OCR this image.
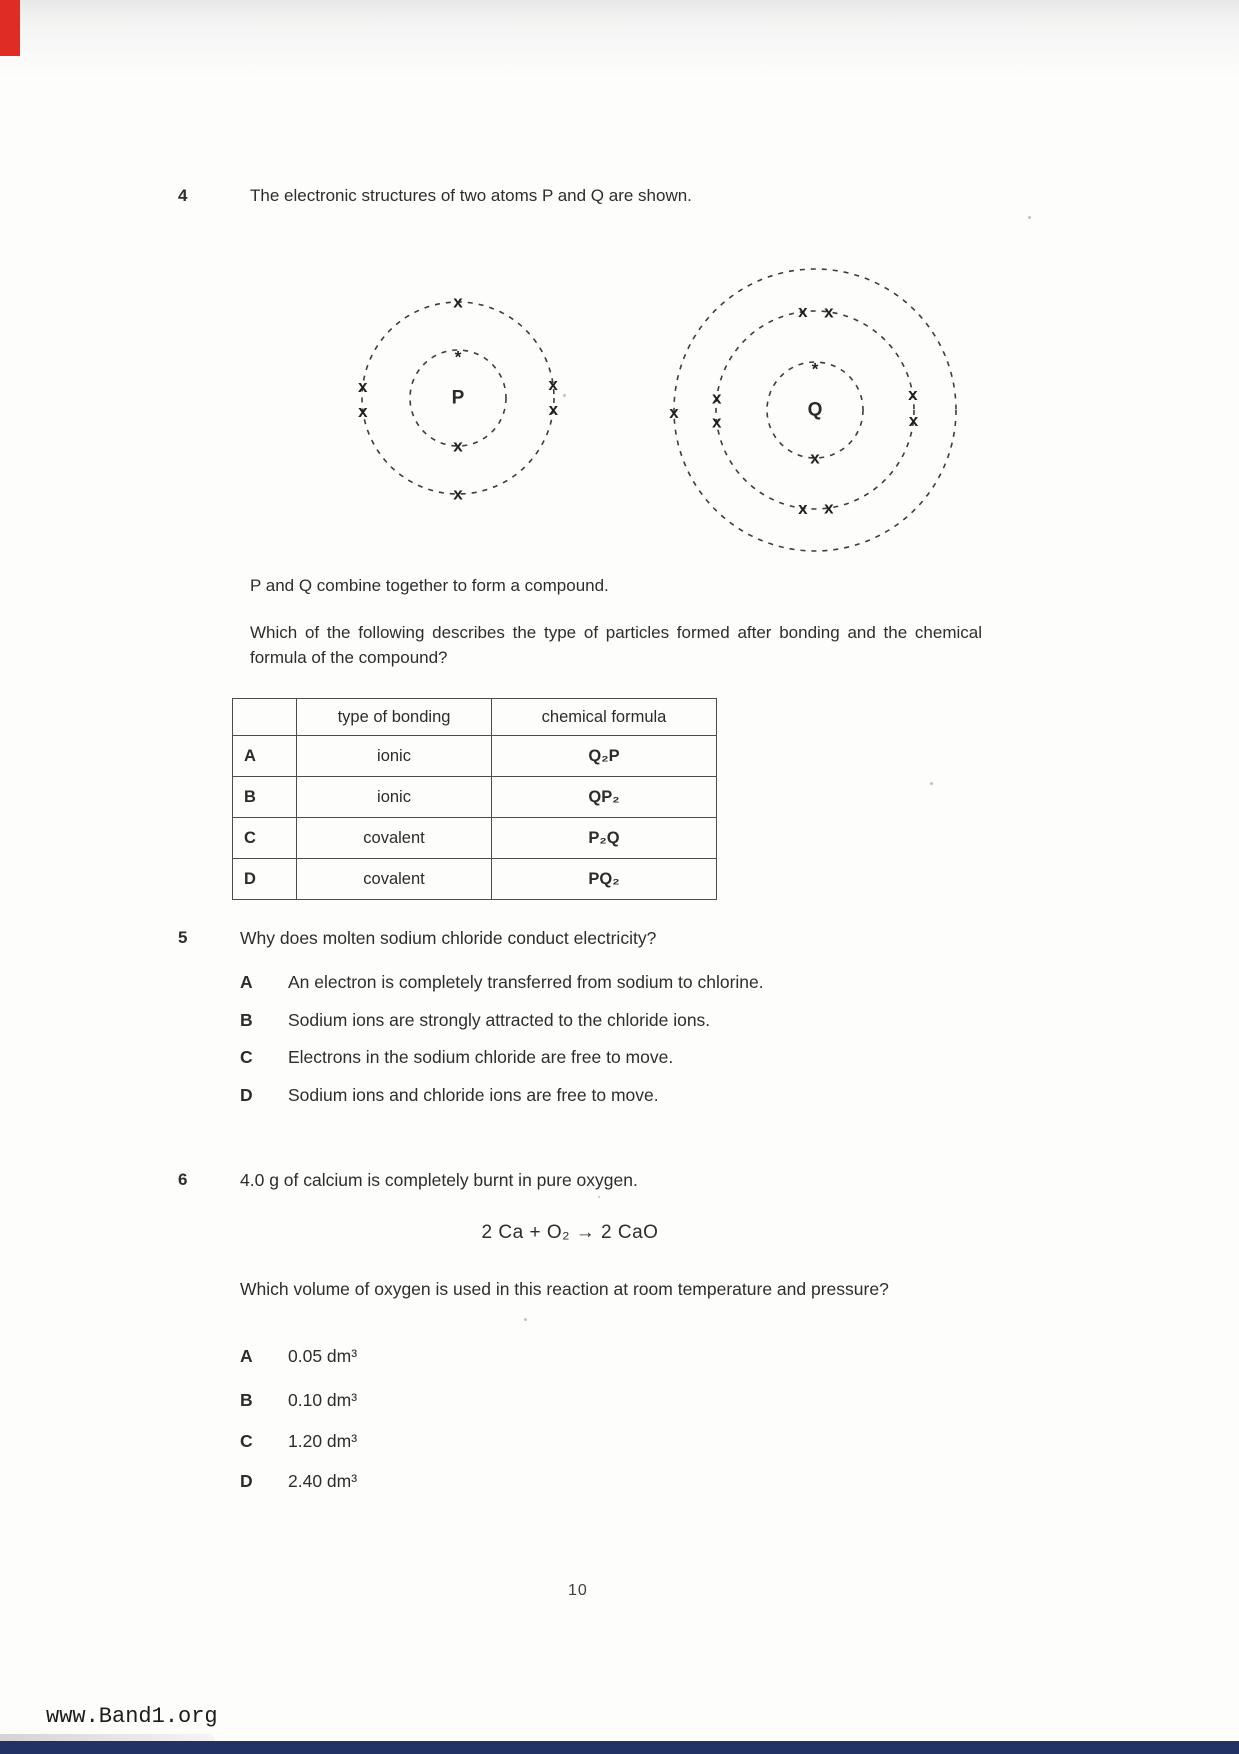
4	The electronic structures of two atoms P and Q are shown.
*
x
x
x
x
x
x
x
P
*
x
x
x
x x
x
x
x
x
x	Q
P and Q combine together to form a compound.
Which of the following describes the type of particles formed after bonding and the chemical formula of the compound?
	type of bonding	chemical formula
A	ionic	Q₂P
B	ionic	QP₂
C	covalent	P₂Q
D	covalent	PQ₂
5	Why does molten sodium chloride conduct electricity?
A An electron is completely transferred from sodium to chlorine.
B Sodium ions are strongly attracted to the chloride ions.
C Electrons in the sodium chloride are free to move.
D Sodium ions and chloride ions are free to move.
6	4.0 g of calcium is completely burnt in pure oxygen.
2 Ca + O₂ → 2 CaO
Which volume of oxygen is used in this reaction at room temperature and pressure?
A 0.05 dm³
B 0.10 dm³
C 1.20 dm³
D 2.40 dm³
10
www.Band1.org
